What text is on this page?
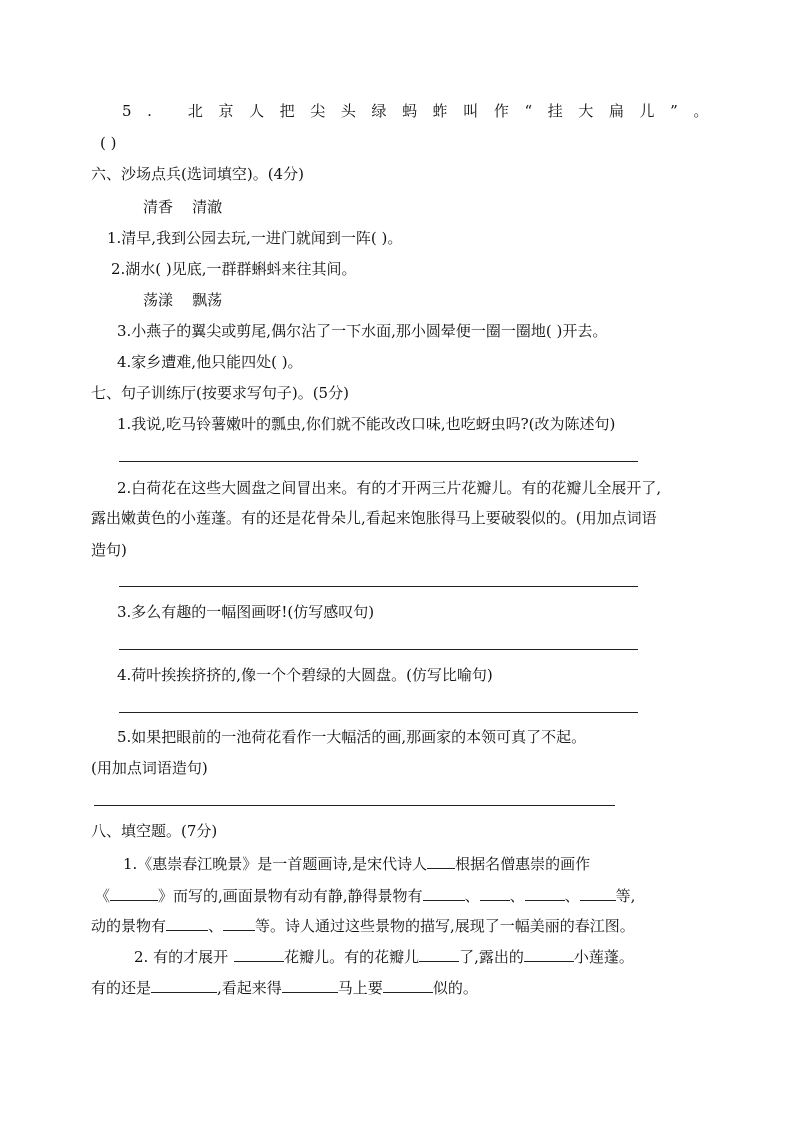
5. 北京人把尖头绿蚂蚱叫作“挂大扁儿”。
( )
六、沙场点兵(选词填空)。(4分)
清香    清澈
1.清早,我到公园去玩,一进门就闻到一阵( )。
2.湖水( )见底,一群群蝌蚪来往其间。
荡漾    飘荡
3.小燕子的翼尖或剪尾,偶尔沾了一下水面,那小圆晕便一圈一圈地( )开去。
4.家乡遭难,他只能四处( )。
七、句子训练厅(按要求写句子)。(5分)
1.我说,吃马铃薯嫩叶的瓢虫,你们就不能改改口味,也吃蚜虫吗?(改为陈述句)
2.白荷花在这些大圆盘之间冒出来。有的才开两三片花瓣儿。有的花瓣儿全展开了,
露出嫩黄色的小莲蓬。有的还是花骨朵儿,看起来饱胀得马上要破裂似的。(用加点词语
造句)
3.多么有趣的一幅图画呀!(仿写感叹句)
4.荷叶挨挨挤挤的,像一个个碧绿的大圆盘。(仿写比喻句)
5.如果把眼前的一池荷花看作一大幅活的画,那画家的本领可真了不起。
(用加点词语造句)
八、填空题。(7分)
1.《惠崇春江晚景》是一首题画诗,是宋代诗人 根据名僧惠崇的画作
《	》而写的,画面景物有动有静,静得景物有	、 、	、 等,
动的景物有	、 等。诗人通过这些景物的描写,展现了一幅美丽的春江图。
2. 有的才展开	花瓣儿。有的花瓣儿	了,露出的	小莲蓬。
有的还是	,看起来得	马上要	似的。
